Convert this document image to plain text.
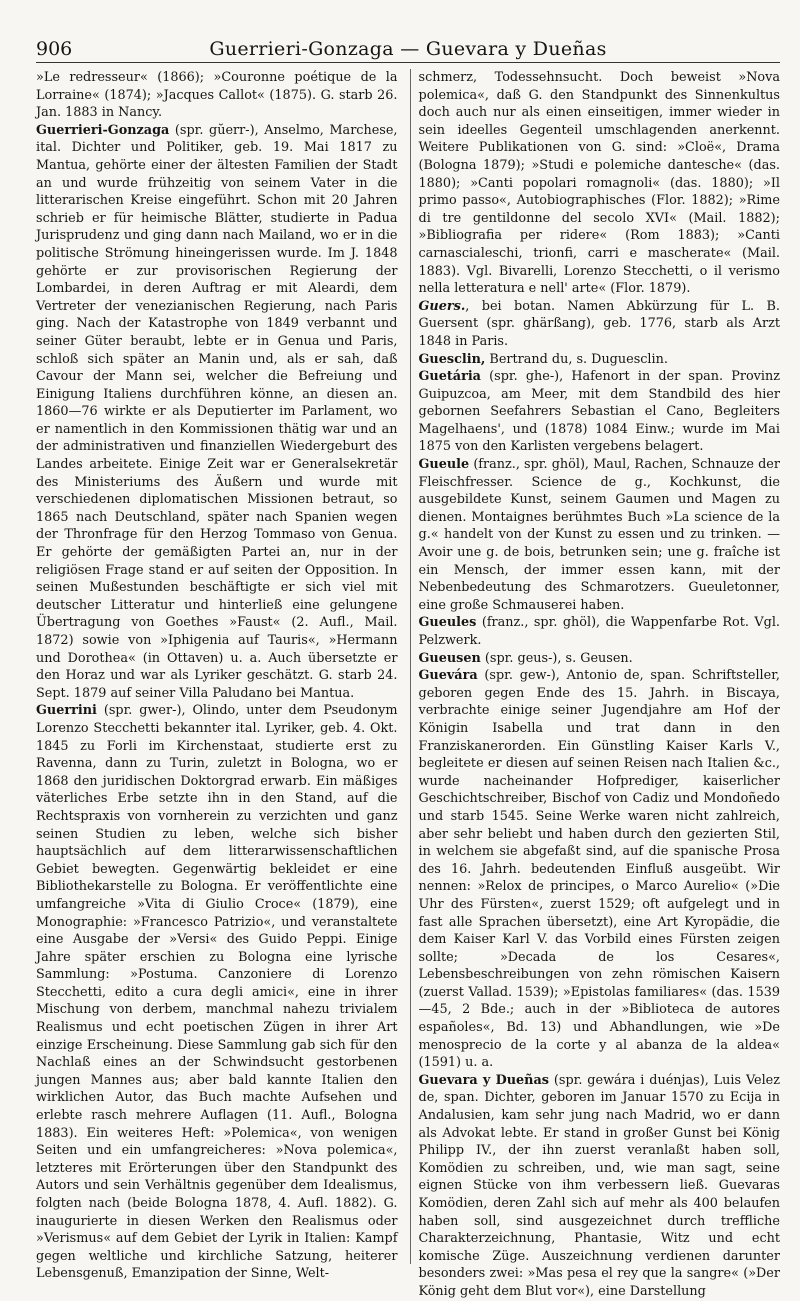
906	Guerrieri-Gonzaga — Guevara y Dueñas

»Le redresseur« (1866); »Couronne poétique de la Lorraine« (1874); »Jacques Callot« (1875). G. starb 26. Jan. 1883 in Nancy.

Guerrieri-Gonzaga (spr. gŭerr-), Anselmo, Marchese, ital. Dichter und Politiker, geb. 19. Mai 1817 zu Mantua, gehörte einer der ältesten Familien der Stadt an und wurde frühzeitig von seinem Vater in die litterarischen Kreise eingeführt. Schon mit 20 Jahren schrieb er für heimische Blätter, studierte in Padua Jurisprudenz und ging dann nach Mailand, wo er in die politische Strömung hineingerissen wurde. Im J. 1848 gehörte er zur provisorischen Regierung der Lombardei, in deren Auftrag er mit Aleardi, dem Vertreter der venezianischen Regierung, nach Paris ging. Nach der Katastrophe von 1849 verbannt und seiner Güter beraubt, lebte er in Genua und Paris, schloß sich später an Manin und, als er sah, daß Cavour der Mann sei, welcher die Befreiung und Einigung Italiens durchführen könne, an diesen an. 1860—76 wirkte er als Deputierter im Parlament, wo er namentlich in den Kommissionen thätig war und an der administrativen und finanziellen Wiedergeburt des Landes arbeitete. Einige Zeit war er Generalsekretär des Ministeriums des Äußern und wurde mit verschiedenen diplomatischen Missionen betraut, so 1865 nach Deutschland, später nach Spanien wegen der Thronfrage für den Herzog Tommaso von Genua. Er gehörte der gemäßigten Partei an, nur in der religiösen Frage stand er auf seiten der Opposition. In seinen Mußestunden beschäftigte er sich viel mit deutscher Litteratur und hinterließ eine gelungene Übertragung von Goethes »Faust« (2. Aufl., Mail. 1872) sowie von »Iphigenia auf Tauris«, »Hermann und Dorothea« (in Ottaven) u. a. Auch übersetzte er den Horaz und war als Lyriker geschätzt. G. starb 24. Sept. 1879 auf seiner Villa Paludano bei Mantua.

Guerrini (spr. gwer-), Olindo, unter dem Pseudonym Lorenzo Stecchetti bekannter ital. Lyriker, geb. 4. Okt. 1845 zu Forli im Kirchenstaat, studierte erst zu Ravenna, dann zu Turin, zuletzt in Bologna, wo er 1868 den juridischen Doktorgrad erwarb. Ein mäßiges väterliches Erbe setzte ihn in den Stand, auf die Rechtspraxis von vornherein zu verzichten und ganz seinen Studien zu leben, welche sich bisher hauptsächlich auf dem litterarwissenschaftlichen Gebiet bewegten. Gegenwärtig bekleidet er eine Bibliothekarstelle zu Bologna. Er veröffentlichte eine umfangreiche »Vita di Giulio Croce« (1879), eine Monographie: »Francesco Patrizio«, und veranstaltete eine Ausgabe der »Versi« des Guido Peppi. Einige Jahre später erschien zu Bologna eine lyrische Sammlung: »Postuma. Canzoniere di Lorenzo Stecchetti, edito a cura degli amici«, eine in ihrer Mischung von derbem, manchmal nahezu trivialem Realismus und echt poetischen Zügen in ihrer Art einzige Erscheinung. Diese Sammlung gab sich für den Nachlaß eines an der Schwindsucht gestorbenen jungen Mannes aus; aber bald kannte Italien den wirklichen Autor, das Buch machte Aufsehen und erlebte rasch mehrere Auflagen (11. Aufl., Bologna 1883). Ein weiteres Heft: »Polemica«, von wenigen Seiten und ein umfangreicheres: »Nova polemica«, letzteres mit Erörterungen über den Standpunkt des Autors und sein Verhältnis gegenüber dem Idealismus, folgten nach (beide Bologna 1878, 4. Aufl. 1882). G. inaugurierte in diesen Werken den Realismus oder »Verismus« auf dem Gebiet der Lyrik in Italien: Kampf gegen weltliche und kirchliche Satzung, heiterer Lebensgenuß, Emanzipation der Sinne, Welt-

schmerz, Todessehnsucht. Doch beweist »Nova polemica«, daß G. den Standpunkt des Sinnenkultus doch auch nur als einen einseitigen, immer wieder in sein ideelles Gegenteil umschlagenden anerkennt. Weitere Publikationen von G. sind: »Cloë«, Drama (Bologna 1879); »Studi e polemiche dantesche« (das. 1880); »Canti popolari romagnoli« (das. 1880); »Il primo passo«, Autobiographisches (Flor. 1882); »Rime di tre gentildonne del secolo XVI« (Mail. 1882); »Bibliografia per ridere« (Rom 1883); »Canti carnascialeschi, trionfi, carri e mascherate« (Mail. 1883). Vgl. Bivarelli, Lorenzo Stecchetti, o il verismo nella letteratura e nell' arte« (Flor. 1879).

Guers., bei botan. Namen Abkürzung für L. B. Guersent (spr. ghärßang), geb. 1776, starb als Arzt 1848 in Paris.

Guesclin, Bertrand du, s. Duguesclin.

Guetária (spr. ghe-), Hafenort in der span. Provinz Guipuzcoa, am Meer, mit dem Standbild des hier gebornen Seefahrers Sebastian el Cano, Begleiters Magelhaens', und (1878) 1084 Einw.; wurde im Mai 1875 von den Karlisten vergebens belagert.

Gueule (franz., spr. ghöl), Maul, Rachen, Schnauze der Fleischfresser. Science de g., Kochkunst, die ausgebildete Kunst, seinem Gaumen und Magen zu dienen. Montaignes berühmtes Buch »La science de la g.« handelt von der Kunst zu essen und zu trinken. — Avoir une g. de bois, betrunken sein; une g. fraîche ist ein Mensch, der immer essen kann, mit der Nebenbedeutung des Schmarotzers. Gueuletonner, eine große Schmauserei haben.

Gueules (franz., spr. ghöl), die Wappenfarbe Rot. Vgl. Pelzwerk.

Gueusen (spr. geus-), s. Geusen.

Guevára (spr. gew-), Antonio de, span. Schriftsteller, geboren gegen Ende des 15. Jahrh. in Biscaya, verbrachte einige seiner Jugendjahre am Hof der Königin Isabella und trat dann in den Franziskanerorden. Ein Günstling Kaiser Karls V., begleitete er diesen auf seinen Reisen nach Italien &c., wurde nacheinander Hofprediger, kaiserlicher Geschichtschreiber, Bischof von Cadiz und Mondoñedo und starb 1545. Seine Werke waren nicht zahlreich, aber sehr beliebt und haben durch den gezierten Stil, in welchem sie abgefaßt sind, auf die spanische Prosa des 16. Jahrh. bedeutenden Einfluß ausgeübt. Wir nennen: »Relox de principes, o Marco Aurelio« (»Die Uhr des Fürsten«, zuerst 1529; oft aufgelegt und in fast alle Sprachen übersetzt), eine Art Kyropädie, die dem Kaiser Karl V. das Vorbild eines Fürsten zeigen sollte; »Decada de los Cesares«, Lebensbeschreibungen von zehn römischen Kaisern (zuerst Vallad. 1539); »Epistolas familiares« (das. 1539—45, 2 Bde.; auch in der »Biblioteca de autores españoles«, Bd. 13) und Abhandlungen, wie »De menosprecio de la corte y al abanza de la aldea« (1591) u. a.

Guevara y Dueñas (spr. gewára i duénjas), Luis Velez de, span. Dichter, geboren im Januar 1570 zu Ecija in Andalusien, kam sehr jung nach Madrid, wo er dann als Advokat lebte. Er stand in großer Gunst bei König Philipp IV., der ihn zuerst veranlaßt haben soll, Komödien zu schreiben, und, wie man sagt, seine eignen Stücke von ihm verbessern ließ. Guevaras Komödien, deren Zahl sich auf mehr als 400 belaufen haben soll, sind ausgezeichnet durch treffliche Charakterzeichnung, Phantasie, Witz und echt komische Züge. Auszeichnung verdienen darunter besonders zwei: »Mas pesa el rey que la sangre« (»Der König geht dem Blut vor«), eine Darstellung
